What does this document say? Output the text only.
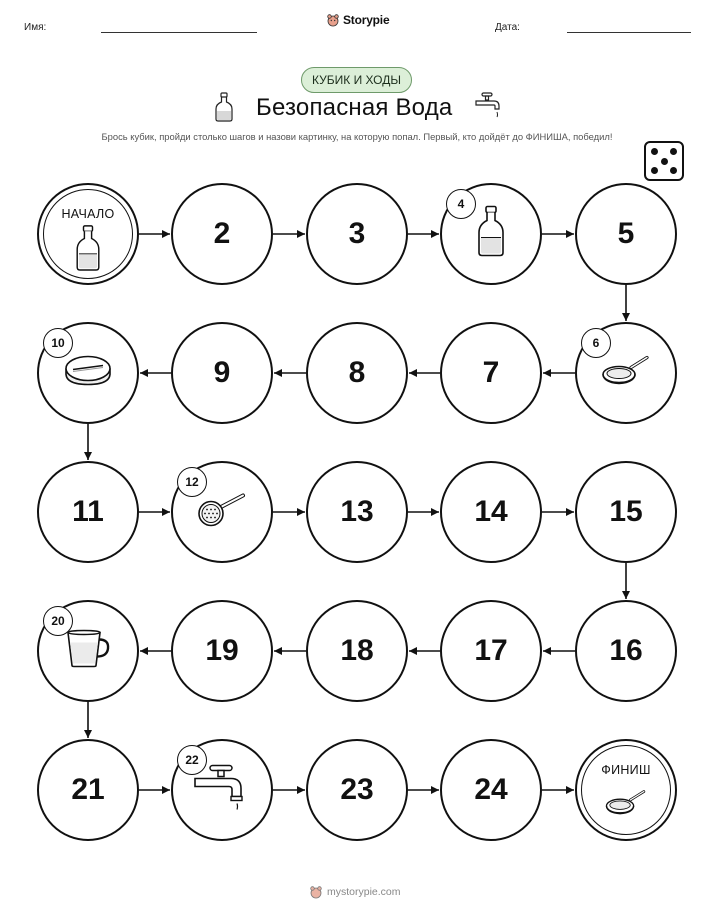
Имя:
Storypie
Дата:
КУБИК И ХОДЫ
Безопасная Вода
Брось кубик, пройди столько шагов и назови картинку, на которую попал. Первый, кто дойдёт до ФИНИША, победил!
НАЧАЛО
2	3
4
5
6
7
8
9
10
11
12
13	14	15
16
17
18
19
20
21
22
23	24
ФИНИШ
mystorypie.com
